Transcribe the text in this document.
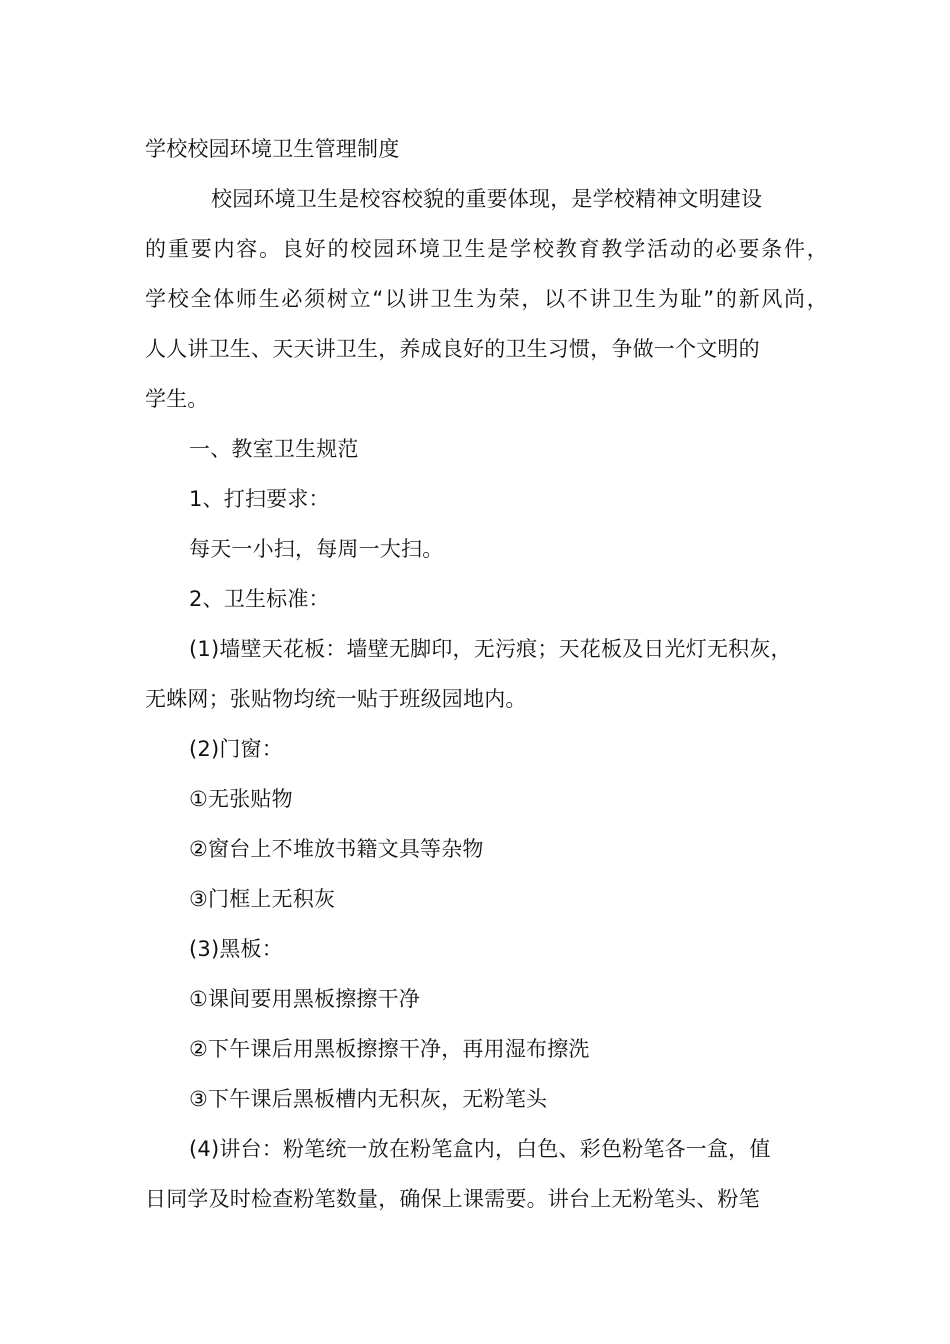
学校校园环境卫生管理制度
校园环境卫生是校容校貌的重要体现，是学校精神文明建设
的重要内容。良好的校园环境卫生是学校教育教学活动的必要条件，
学校全体师生必须树立“以讲卫生为荣，以不讲卫生为耻”的新风尚，
人人讲卫生、天天讲卫生，养成良好的卫生习惯，争做一个文明的
学生。
一、教室卫生规范
1、打扫要求：
每天一小扫，每周一大扫。
2、卫生标准：
(1)墙壁天花板：墙壁无脚印，无污痕；天花板及日光灯无积灰，
无蛛网；张贴物均统一贴于班级园地内。
(2)门窗：
①无张贴物
②窗台上不堆放书籍文具等杂物
③门框上无积灰
(3)黑板：
①课间要用黑板擦擦干净
②下午课后用黑板擦擦干净，再用湿布擦洗
③下午课后黑板槽内无积灰，无粉笔头
(4)讲台：粉笔统一放在粉笔盒内，白色、彩色粉笔各一盒，值
日同学及时检查粉笔数量，确保上课需要。讲台上无粉笔头、粉笔
